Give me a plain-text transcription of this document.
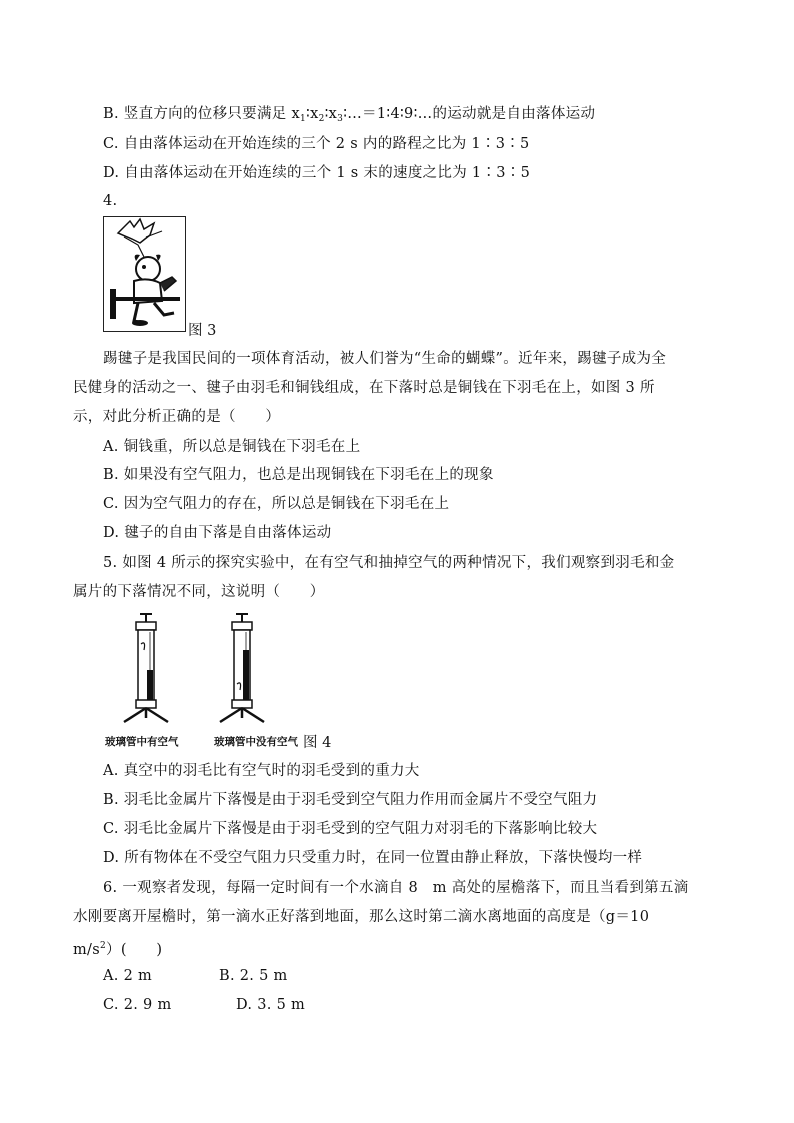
B. 竖直方向的位移只要满足 $x_1∶x_2∶x_3∶\dots=1∶4∶9∶\dots$的运动就是自由落体运动
C. 自由落体运动在开始连续的三个 2 s 内的路程之比为 1∶3∶5
D. 自由落体运动在开始连续的三个 1 s 末的速度之比为 1∶3∶5
4.
图 3
踢毽子是我国民间的一项体育活动，被人们誉为“生命的蝴蝶”。近年来，踢毽子成为全
民健身的活动之一、毽子由羽毛和铜钱组成，在下落时总是铜钱在下羽毛在上，如图 3 所
示，对此分析正确的是（　　）
A. 铜钱重，所以总是铜钱在下羽毛在上
B. 如果没有空气阻力，也总是出现铜钱在下羽毛在上的现象
C. 因为空气阻力的存在，所以总是铜钱在下羽毛在上
D. 毽子的自由下落是自由落体运动
5. 如图 4 所示的探究实验中，在有空气和抽掉空气的两种情况下，我们观察到羽毛和金
属片的下落情况不同，这说明（　　）
玻璃管中有空气	玻璃管中没有空气 图 4
A. 真空中的羽毛比有空气时的羽毛受到的重力大
B. 羽毛比金属片下落慢是由于羽毛受到空气阻力作用而金属片不受空气阻力
C. 羽毛比金属片下落慢是由于羽毛受到的空气阻力对羽毛的下落影响比较大
D. 所有物体在不受空气阻力只受重力时，在同一位置由静止释放，下落快慢均一样
6. 一观察者发现，每隔一定时间有一个水滴自 8　m 高处的屋檐落下，而且当看到第五滴
水刚要离开屋檐时，第一滴水正好落到地面，那么这时第二滴水离地面的高度是（g＝10
$m/s^2$）(　　)
A. 2 m	B. 2. 5 m
C. 2. 9 m	D. 3. 5 m
